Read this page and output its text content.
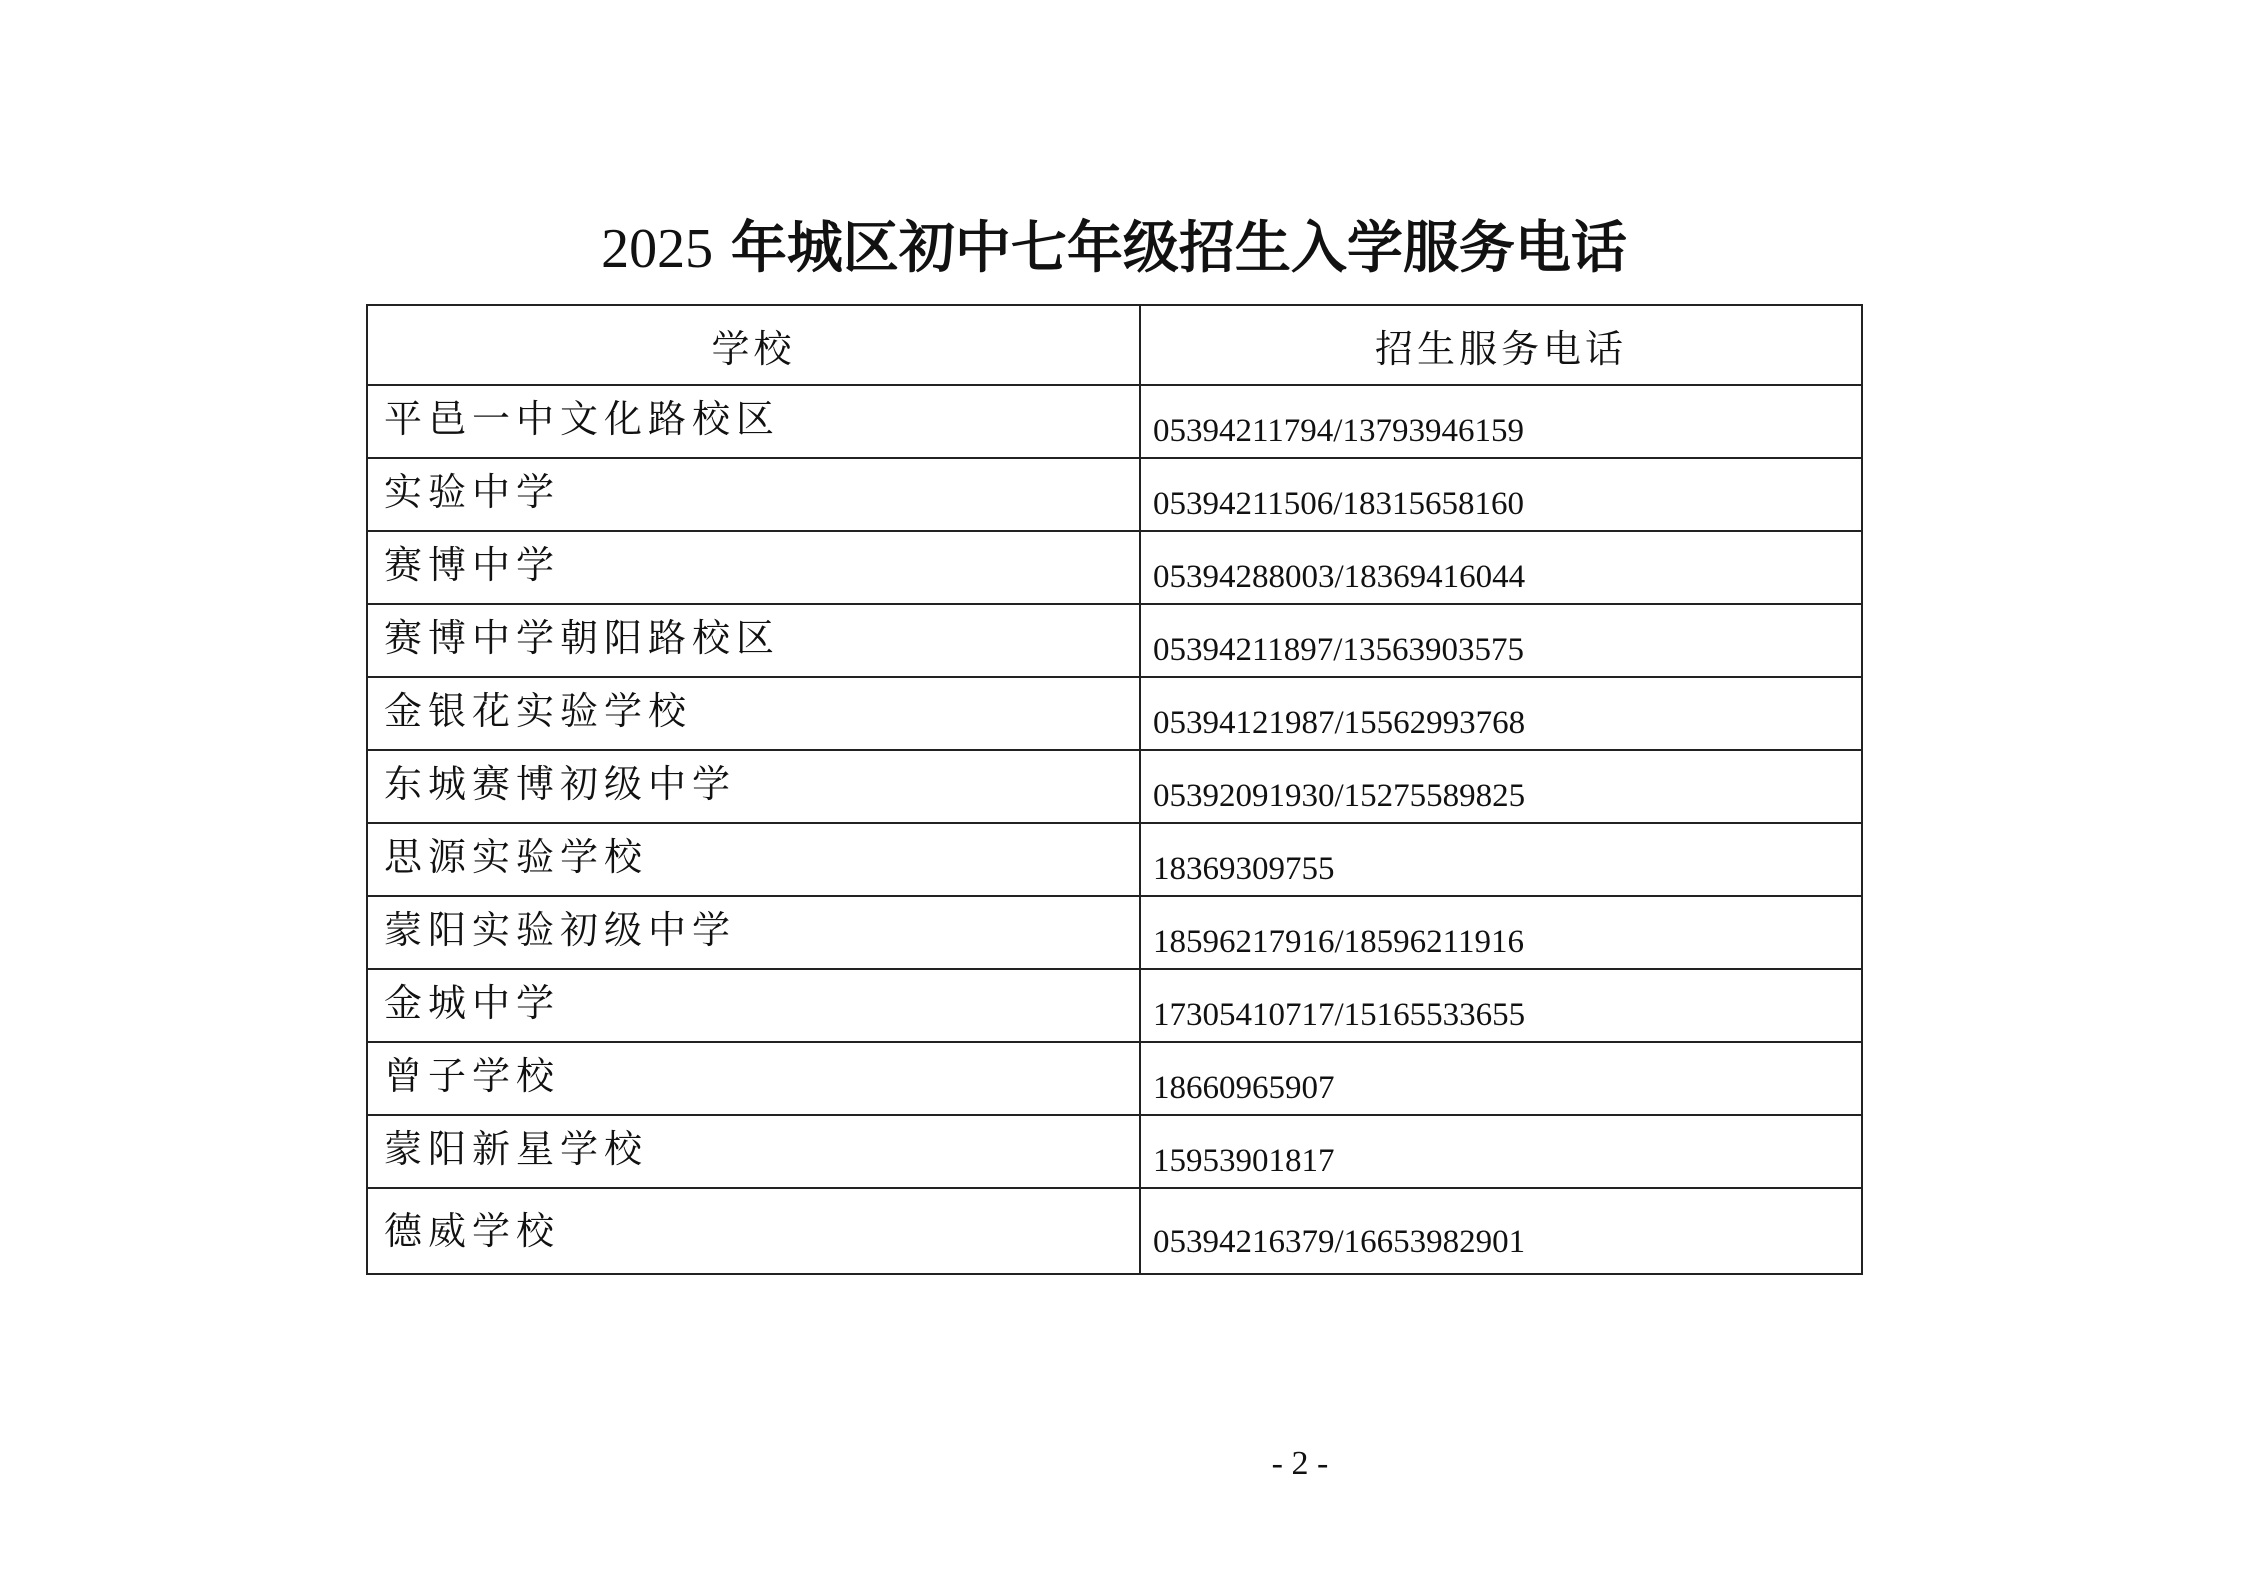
2025 年城区初中七年级招生入学服务电话
学校	招生服务电话
平邑一中文化路校区	05394211794/13793946159
实验中学	05394211506/18315658160
赛博中学	05394288003/18369416044
赛博中学朝阳路校区	05394211897/13563903575
金银花实验学校	05394121987/15562993768
东城赛博初级中学	05392091930/15275589825
思源实验学校	18369309755
蒙阳实验初级中学	18596217916/18596211916
金城中学	17305410717/15165533655
曾子学校	18660965907
蒙阳新星学校	15953901817
德威学校	05394216379/16653982901
- 2 -
